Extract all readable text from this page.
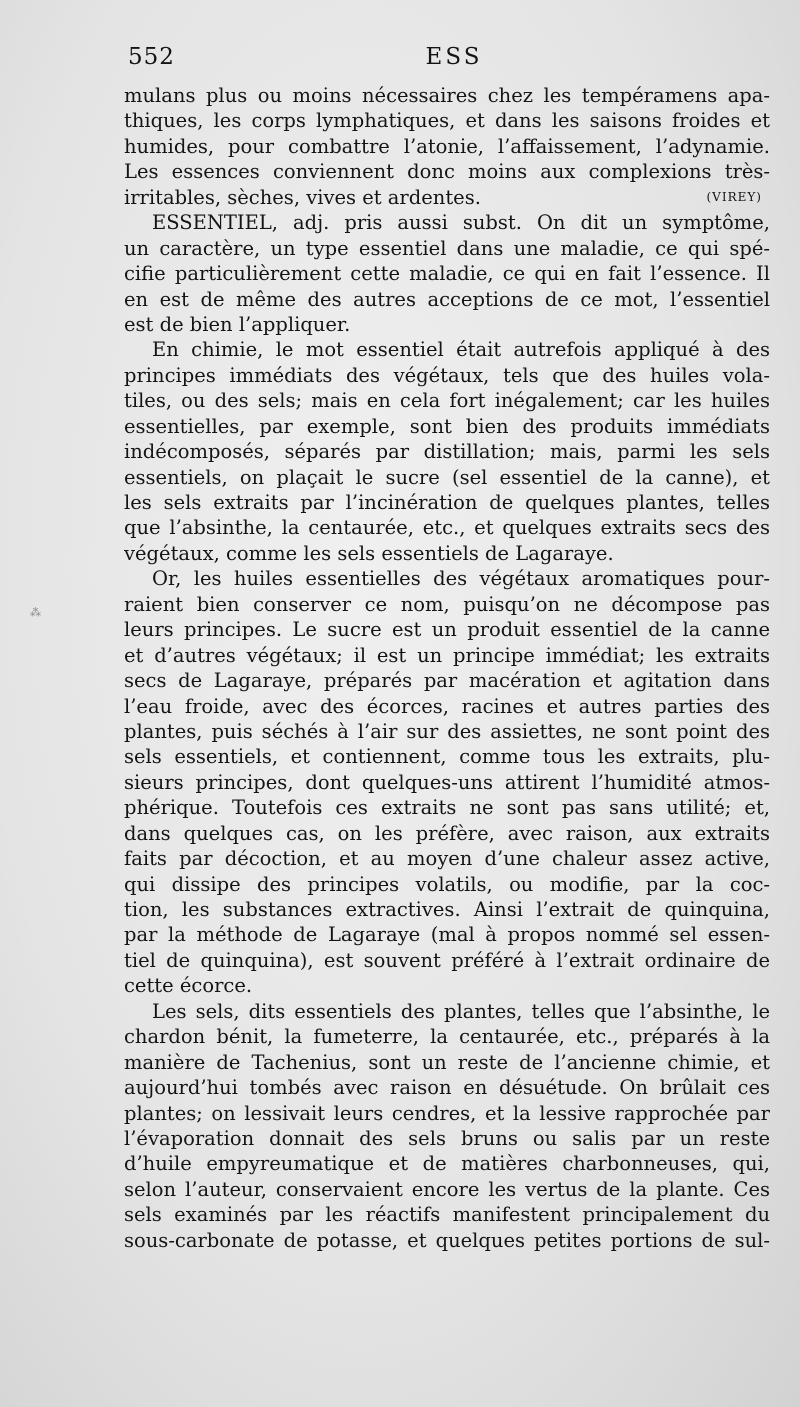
552	ESS
⁂
mulans plus ou moins nécessaires chez les tempéramens apa-
thiques, les corps lymphatiques, et dans les saisons froides et
humides, pour combattre l’atonie, l’affaissement, l’adynamie.
Les essences conviennent donc moins aux complexions très-
irritables, sèches, vives et ardentes.	(VIREY)
ESSENTIEL, adj. pris aussi subst. On dit un symptôme,
un caractère, un type essentiel dans une maladie, ce qui spé-
cifie particulièrement cette maladie, ce qui en fait l’essence. Il
en est de même des autres acceptions de ce mot, l’essentiel
est de bien l’appliquer.
En chimie, le mot essentiel était autrefois appliqué à des
principes immédiats des végétaux, tels que des huiles vola-
tiles, ou des sels; mais en cela fort inégalement; car les huiles
essentielles, par exemple, sont bien des produits immédiats
indécomposés, séparés par distillation; mais, parmi les sels
essentiels, on plaçait le sucre (sel essentiel de la canne), et
les sels extraits par l’incinération de quelques plantes, telles
que l’absinthe, la centaurée, etc., et quelques extraits secs des
végétaux, comme les sels essentiels de Lagaraye.
Or, les huiles essentielles des végétaux aromatiques pour-
raient bien conserver ce nom, puisqu’on ne décompose pas
leurs principes. Le sucre est un produit essentiel de la canne
et d’autres végétaux; il est un principe immédiat; les extraits
secs de Lagaraye, préparés par macération et agitation dans
l’eau froide, avec des écorces, racines et autres parties des
plantes, puis séchés à l’air sur des assiettes, ne sont point des
sels essentiels, et contiennent, comme tous les extraits, plu-
sieurs principes, dont quelques-uns attirent l’humidité atmos-
phérique. Toutefois ces extraits ne sont pas sans utilité; et,
dans quelques cas, on les préfère, avec raison, aux extraits
faits par décoction, et au moyen d’une chaleur assez active,
qui dissipe des principes volatils, ou modifie, par la coc-
tion, les substances extractives. Ainsi l’extrait de quinquina,
par la méthode de Lagaraye (mal à propos nommé sel essen-
tiel de quinquina), est souvent préféré à l’extrait ordinaire de
cette écorce.
Les sels, dits essentiels des plantes, telles que l’absinthe, le
chardon bénit, la fumeterre, la centaurée, etc., préparés à la
manière de Tachenius, sont un reste de l’ancienne chimie, et
aujourd’hui tombés avec raison en désuétude. On brûlait ces
plantes; on lessivait leurs cendres, et la lessive rapprochée par
l’évaporation donnait des sels bruns ou salis par un reste
d’huile empyreumatique et de matières charbonneuses, qui,
selon l’auteur, conservaient encore les vertus de la plante. Ces
sels examinés par les réactifs manifestent principalement du
sous-carbonate de potasse, et quelques petites portions de sul-
